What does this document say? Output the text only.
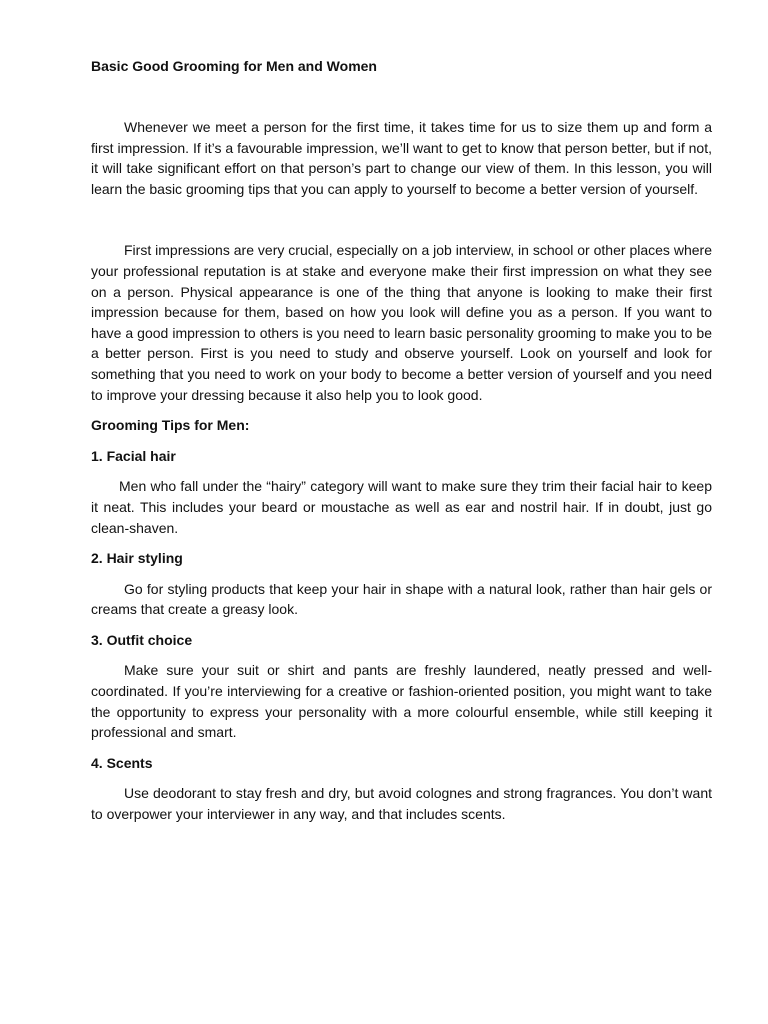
Basic Good Grooming for Men and Women

Whenever we meet a person for the first time, it takes time for us to size them up and form a first impression. If it’s a favourable impression, we’ll want to get to know that person better, but if not, it will take significant effort on that person’s part to change our view of them. In this lesson, you will learn the basic grooming tips that you can apply to yourself to become a better version of yourself.

First impressions are very crucial, especially on a job interview, in school or other places where your professional reputation is at stake and everyone make their first impression on what they see on a person. Physical appearance is one of the thing that anyone is looking to make their first impression because for them, based on how you look will define you as a person. If you want to have a good impression to others is you need to learn basic personality grooming to make you to be a better person. First is you need to study and observe yourself. Look on yourself and look for something that you need to work on your body to become a better version of yourself and you need to improve your dressing because it also help you to look good.

Grooming Tips for Men:

1. Facial hair

Men who fall under the “hairy” category will want to make sure they trim their facial hair to keep it neat. This includes your beard or moustache as well as ear and nostril hair. If in doubt, just go clean-shaven.

2. Hair styling

Go for styling products that keep your hair in shape with a natural look, rather than hair gels or creams that create a greasy look.

3. Outfit choice

Make sure your suit or shirt and pants are freshly laundered, neatly pressed and well-coordinated. If you’re interviewing for a creative or fashion-oriented position, you might want to take the opportunity to express your personality with a more colourful ensemble, while still keeping it professional and smart.

4. Scents

Use deodorant to stay fresh and dry, but avoid colognes and strong fragrances. You don’t want to overpower your interviewer in any way, and that includes scents.
